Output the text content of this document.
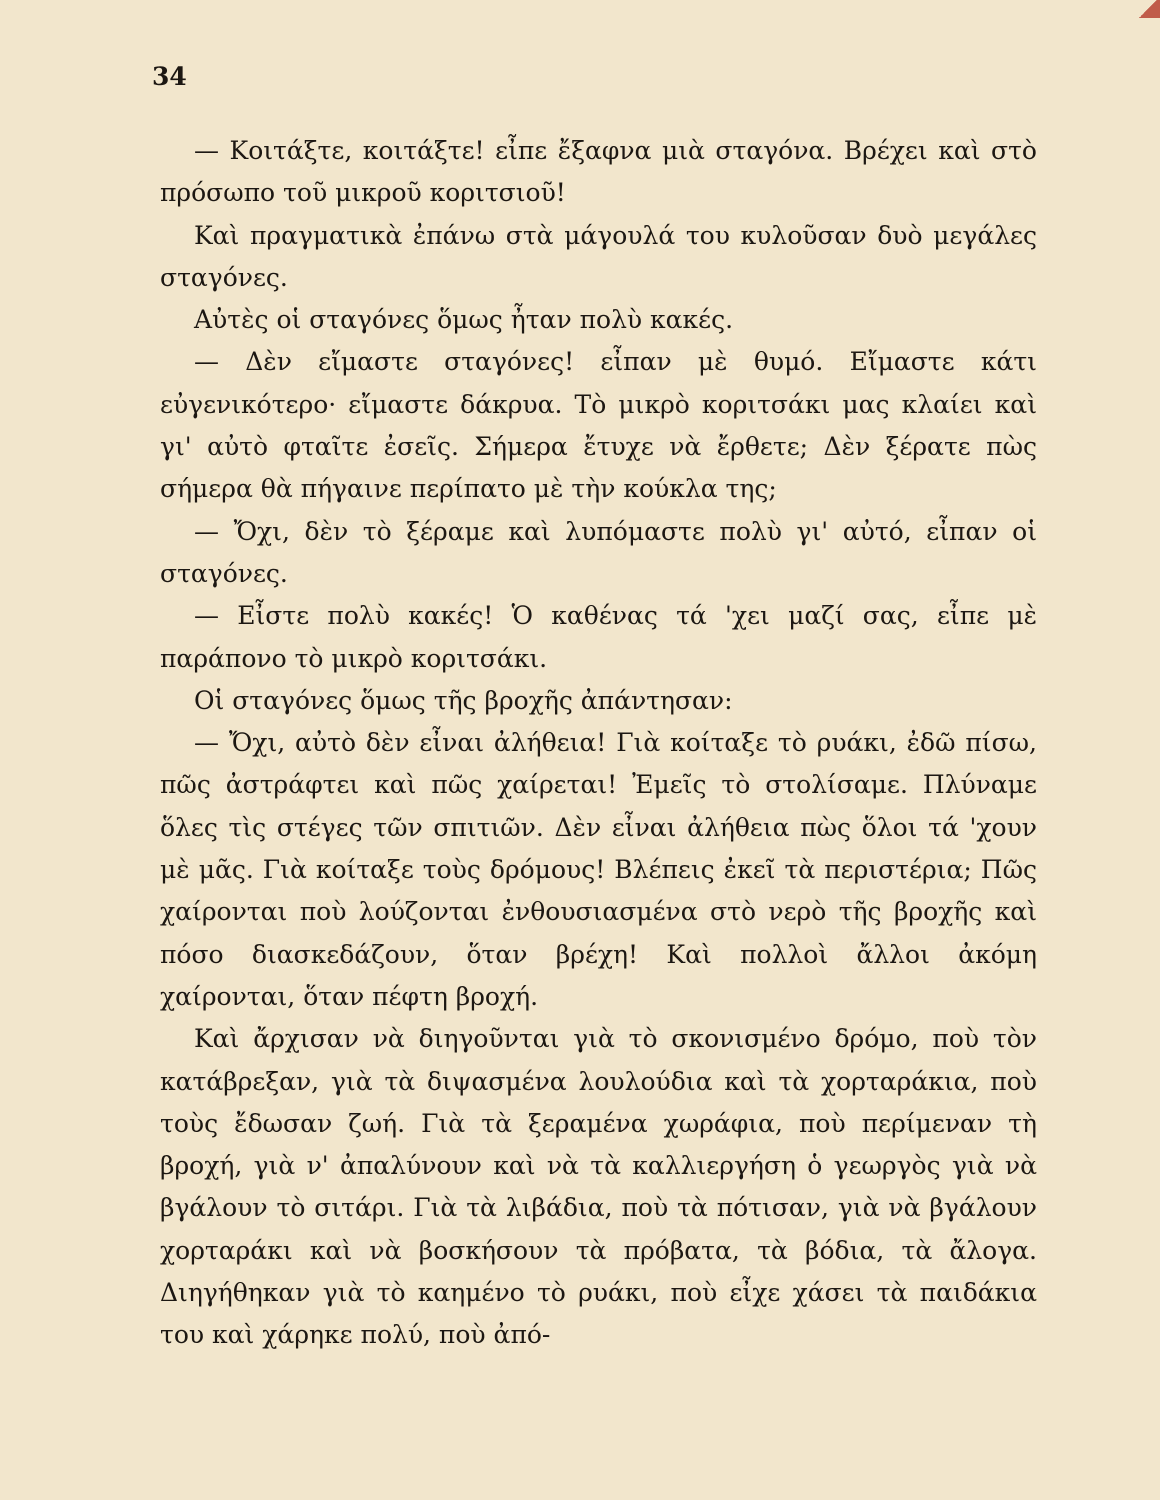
34

— Κοιτάξτε, κοιτάξτε! εἶπε ἔξαφνα μιὰ σταγόνα. Βρέχει καὶ στὸ πρόσωπο τοῦ μικροῦ κοριτσιοῦ!

Καὶ πραγματικὰ ἐπάνω στὰ μάγουλά του κυλοῦσαν δυὸ μεγάλες σταγόνες.

Αὐτὲς οἱ σταγόνες ὅμως ἦταν πολὺ κακές.

— Δὲν εἴμαστε σταγόνες! εἶπαν μὲ θυμό. Εἴμαστε κάτι εὐγενικότερο· εἴμαστε δάκρυα. Τὸ μικρὸ κοριτσάκι μας κλαίει καὶ γι' αὐτὸ φταῖτε ἐσεῖς. Σήμερα ἔτυχε νὰ ἔρθετε; Δὲν ξέρατε πὼς σήμερα θὰ πήγαινε περίπατο μὲ τὴν κούκλα της;

— Ὄχι, δὲν τὸ ξέραμε καὶ λυπόμαστε πολὺ γι' αὐτό, εἶπαν οἱ σταγόνες.

— Εἶστε πολὺ κακές! Ὁ καθένας τά 'χει μαζί σας, εἶπε μὲ παράπονο τὸ μικρὸ κοριτσάκι.

Οἱ σταγόνες ὅμως τῆς βροχῆς ἀπάντησαν:

— Ὄχι, αὐτὸ δὲν εἶναι ἀλήθεια! Γιὰ κοίταξε τὸ ρυάκι, ἐδῶ πίσω, πῶς ἀστράφτει καὶ πῶς χαίρεται! Ἐμεῖς τὸ στολίσαμε. Πλύναμε ὅλες τὶς στέγες τῶν σπιτιῶν. Δὲν εἶναι ἀλήθεια πὼς ὅλοι τά 'χουν μὲ μᾶς. Γιὰ κοίταξε τοὺς δρόμους! Βλέπεις ἐκεῖ τὰ περιστέρια; Πῶς χαίρονται ποὺ λούζονται ἐνθουσιασμένα στὸ νερὸ τῆς βροχῆς καὶ πόσο διασκεδάζουν, ὅταν βρέχη! Καὶ πολλοὶ ἄλλοι ἀκόμη χαίρονται, ὅταν πέφτη βροχή.

Καὶ ἄρχισαν νὰ διηγοῦνται γιὰ τὸ σκονισμένο δρόμο, ποὺ τὸν κατάβρεξαν, γιὰ τὰ διψασμένα λουλούδια καὶ τὰ χορταράκια, ποὺ τοὺς ἔδωσαν ζωή. Γιὰ τὰ ξεραμένα χωράφια, ποὺ περίμεναν τὴ βροχή, γιὰ ν' ἀπαλύνουν καὶ νὰ τὰ καλλιεργήση ὁ γεωργὸς γιὰ νὰ βγάλουν τὸ σιτάρι. Γιὰ τὰ λιβάδια, ποὺ τὰ πότισαν, γιὰ νὰ βγάλουν χορταράκι καὶ νὰ βοσκήσουν τὰ πρόβατα, τὰ βόδια, τὰ ἄλογα. Διηγήθηκαν γιὰ τὸ καημένο τὸ ρυάκι, ποὺ εἶχε χάσει τὰ παιδάκια του καὶ χάρηκε πολύ, ποὺ ἀπό-
